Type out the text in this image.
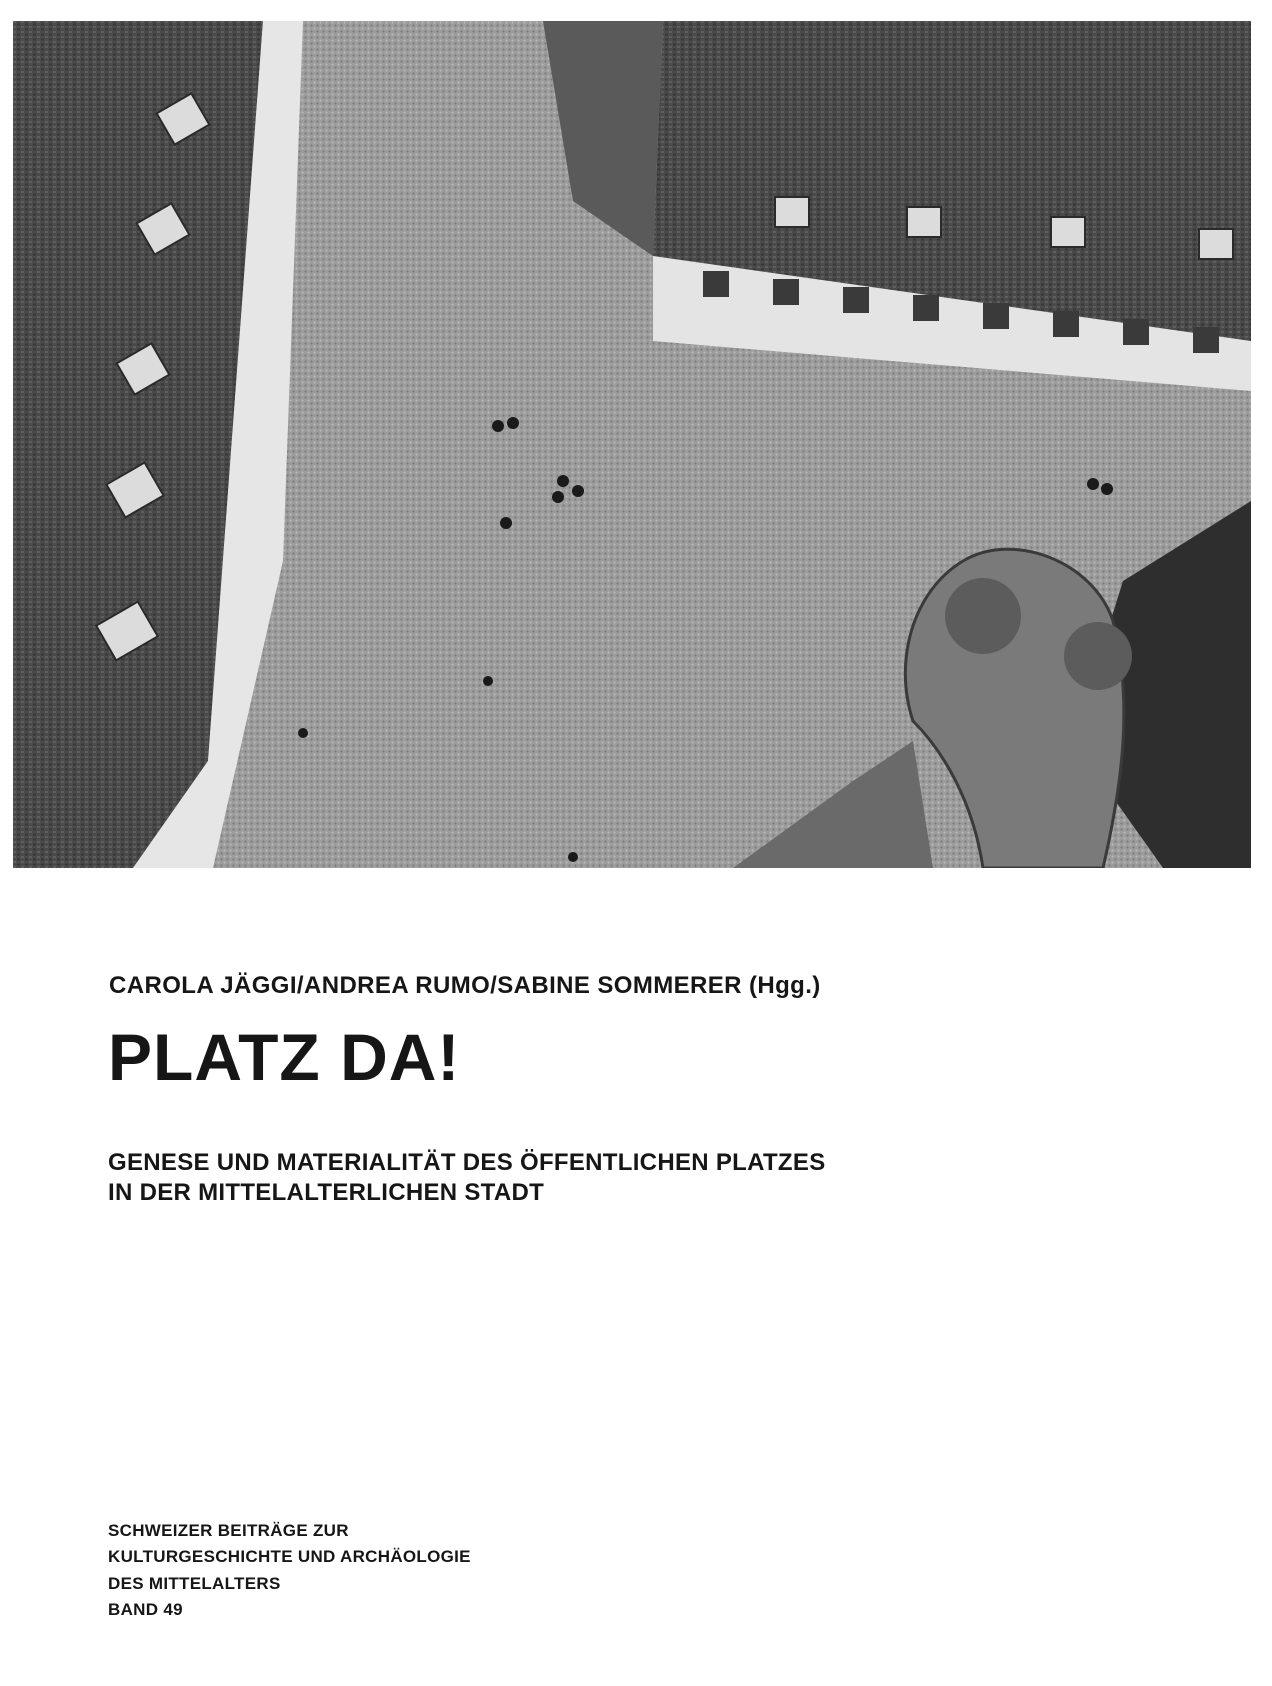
CAROLA JÄGGI/ANDREA RUMO/SABINE SOMMERER (Hgg.)
PLATZ DA!

GENESE UND MATERIALITÄT DES ÖFFENTLICHEN PLATZES
IN DER MITTELALTERLICHEN STADT

SCHWEIZER BEITRÄGE ZUR
KULTURGESCHICHTE UND ARCHÄOLOGIE
DES MITTELALTERS
BAND 49
